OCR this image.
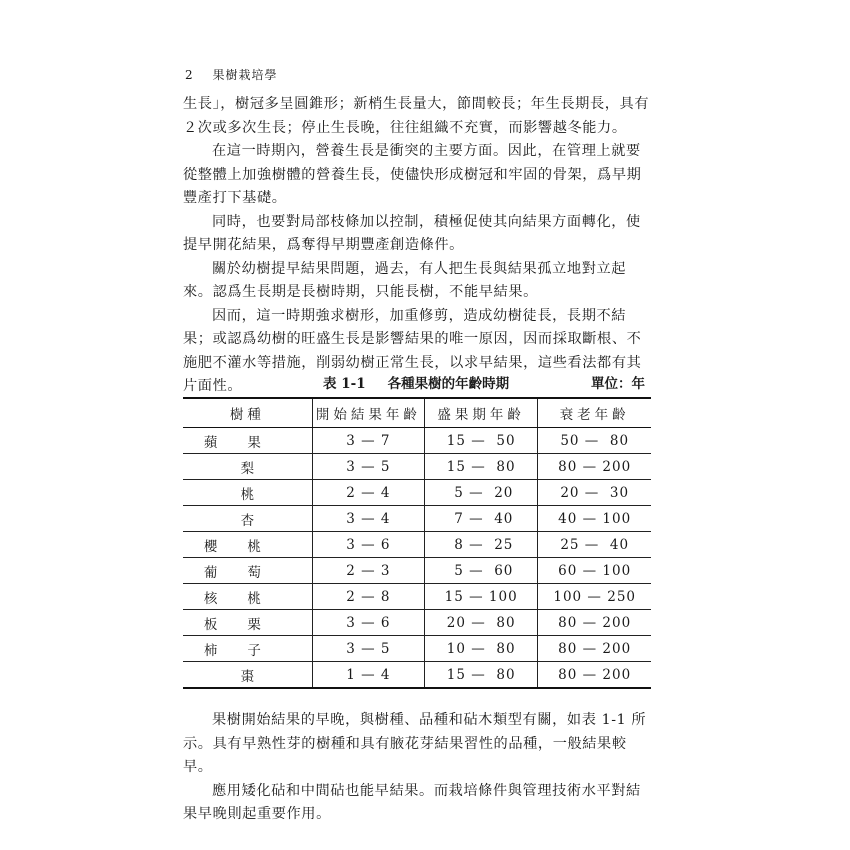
2 果樹栽培學

生長」，樹冠多呈圓錐形；新梢生長量大，節間較長；年生長期長，具有２次或多次生長；停止生長晚，往往組織不充實，而影響越冬能力。

在這一時期內，營養生長是衝突的主要方面。因此，在管理上就要從整體上加強樹體的營養生長，使儘快形成樹冠和牢固的骨架，爲早期豐產打下基礎。

同時，也要對局部枝條加以控制，積極促使其向結果方面轉化，使提早開花結果，爲奪得早期豐產創造條件。

關於幼樹提早結果問題，過去，有人把生長與結果孤立地對立起來。認爲生長期是長樹時期，只能長樹，不能早結果。

因而，這一時期強求樹形，加重修剪，造成幼樹徒長，長期不結果；或認爲幼樹的旺盛生長是影響結果的唯一原因，因而採取斷根、不施肥不灌水等措施，削弱幼樹正常生長，以求早結果，這些看法都有其片面性。	表 1-1 各種果樹的年齡時期	單位：年
樹種	開始結果年齡	盛果期年齡	衰老年齡
蘋果	3 — 7	15 —  50	50 —  80
梨	3 — 5	15 —  80	80 — 200
桃	2 — 4	5 —  20	20 —  30
杏	3 — 4	7 —  40	40 — 100
櫻桃	3 — 6	8 —  25	25 —  40
葡萄	2 — 3	5 —  60	60 — 100
核桃	2 — 8	15 — 100	100 — 250
板栗	3 — 6	20 —  80	80 — 200
柿子	3 — 5	10 —  80	80 — 200
棗	1 — 4	15 —  80	80 — 200

果樹開始結果的早晚，與樹種、品種和砧木類型有關，如表 1-1 所示。具有早熟性芽的樹種和具有腋花芽結果習性的品種，一般結果較早。

應用矮化砧和中間砧也能早結果。而栽培條件與管理技術水平對結果早晚則起重要作用。
